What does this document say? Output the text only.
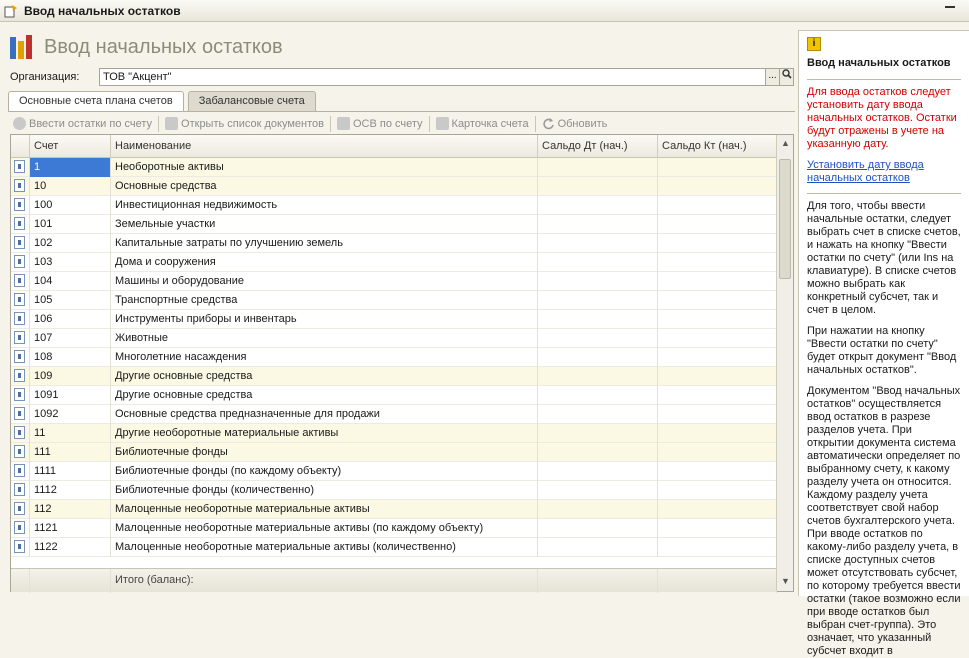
Ввод начальных остатков
Ввод начальных остатков
Организация:	ТОВ "Акцент"	...
Основные счета плана счетов	Забалансовые счета
Ввести остатки по счету	Открыть список документов	ОСВ по счету	Карточка счета	Обновить
Счет	Наименование	Сальдо Дт (нач.)	Сальдо Кт (нач.)
1	Необоротные активы
10	Основные средства
100	Инвестиционная недвижимость
101	Земельные участки
102	Капитальные затраты по улучшению земель
103	Дома и сооружения
104	Машины и оборудование
105	Транспортные средства
106	Инструменты приборы и инвентарь
107	Животные
108	Многолетние насаждения
109	Другие основные средства
1091	Другие основные средства
1092	Основные средства предназначенные для продажи
11	Другие необоротные материальные активы
111	Библиотечные фонды
1111	Библиотечные фонды (по каждому объекту)
1112	Библиотечные фонды (количественно)
112	Малоценные необоротные материальные активы
1121	Малоценные необоротные материальные активы (по каждому объекту)
1122	Малоценные необоротные материальные активы (количественно)
Итого (баланс):
▲
▼
i
Ввод начальных остатков

Для ввода остатков следует установить дату ввода начальных остатков. Остатки будут отражены в учете на указанную дату.

Установить дату ввода начальных остатков

Для того, чтобы ввести начальные остатки, следует выбрать счет в списке счетов, и нажать на кнопку "Ввести остатки по счету" (или Ins на клавиатуре). В списке счетов можно выбрать как конкретный субсчет, так и счет в целом.

При нажатии на кнопку "Ввести остатки по счету" будет открыт документ "Ввод начальных остатков".

Документом "Ввод начальных остатков" осуществляется ввод остатков в разрезе разделов учета. При открытии документа система автоматически определяет по выбранному счету, к какому разделу учета он относится. Каждому разделу учета соответствует свой набор счетов бухгалтерского учета. При вводе остатков по какому-либо разделу учета, в списке доступных счетов может отсутствовать субсчет, по которому требуется ввести остатки (такое возможно если при вводе остатков был выбран счет-группа). Это означает, что указанный субсчет входит в
